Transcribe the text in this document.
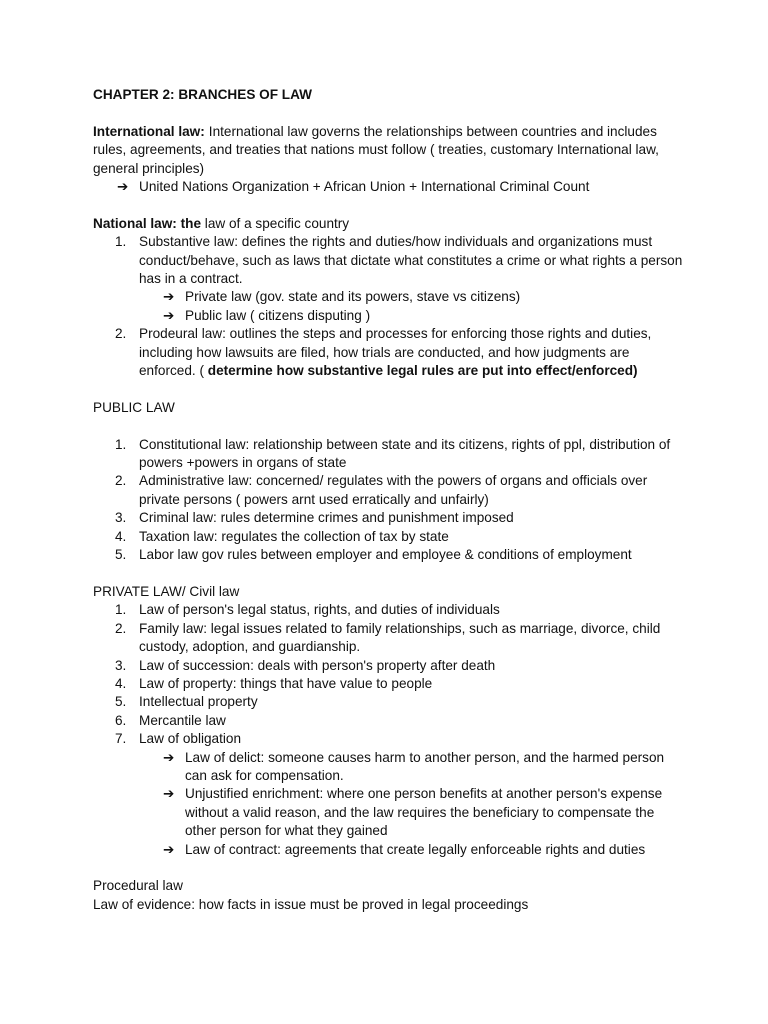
CHAPTER 2: BRANCHES OF LAW

International law: International law governs the relationships between countries and includes rules, agreements, and treaties that nations must follow ( treaties, customary International law, general principles)

➔ United Nations Organization + African Union + International Criminal Count

National law: the law of a specific country

1. Substantive law: defines the rights and duties/how individuals and organizations must conduct/behave, such as laws that dictate what constitutes a crime or what rights a person has in a contract.
➔ Private law (gov. state and its powers, stave vs citizens)
➔ Public law ( citizens disputing )
2. Prodeural law: outlines the steps and processes for enforcing those rights and duties, including how lawsuits are filed, how trials are conducted, and how judgments are enforced. ( determine how substantive legal rules are put into effect/enforced)

PUBLIC LAW

1. Constitutional law: relationship between state and its citizens, rights of ppl, distribution of powers +powers in organs of state
2. Administrative law: concerned/ regulates with the powers of organs and officials over private persons ( powers arnt used erratically and unfairly)
3. Criminal law: rules determine crimes and punishment imposed
4. Taxation law: regulates the collection of tax by state
5. Labor law gov rules between employer and employee & conditions of employment

PRIVATE LAW/ Civil law

1. Law of person's legal status, rights, and duties of individuals
2. Family law: legal issues related to family relationships, such as marriage, divorce, child custody, adoption, and guardianship.
3. Law of succession: deals with person's property after death
4. Law of property: things that have value to people
5. Intellectual property
6. Mercantile law
7. Law of obligation
➔ Law of delict: someone causes harm to another person, and the harmed person can ask for compensation.
➔ Unjustified enrichment: where one person benefits at another person's expense without a valid reason, and the law requires the beneficiary to compensate the other person for what they gained
➔ Law of contract: agreements that create legally enforceable rights and duties

Procedural law

Law of evidence: how facts in issue must be proved in legal proceedings
